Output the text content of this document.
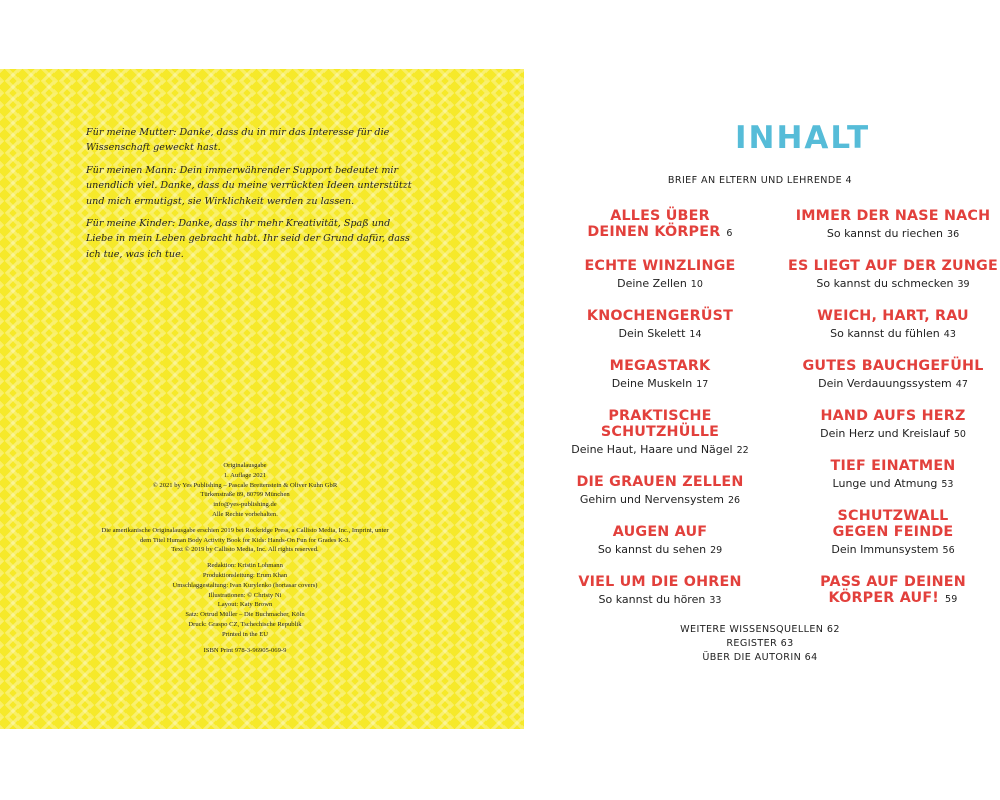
Für meine Mutter: Danke, dass du in mir das Interesse für die Wissenschaft geweckt hast.

Für meinen Mann: Dein immerwährender Support bedeutet mir unendlich viel. Danke, dass du meine verrückten Ideen unterstützt und mich ermutigst, sie Wirklichkeit werden zu lassen.

Für meine Kinder: Danke, dass ihr mehr Kreativität, Spaß und Liebe in mein Leben gebracht habt. Ihr seid der Grund dafür, dass ich tue, was ich tue.

Originalausgabe
1. Auflage 2021
© 2021 by Yes Publishing – Pascale Breitenstein & Oliver Kuhn GbR
Türkenstraße 89, 80799 München
info@yes-publishing.de
Alle Rechte vorbehalten.
Die amerikanische Originalausgabe erschien 2019 bei Rockridge Press, a Callisto Media, Inc., Imprint, unter
dem Titel Human Body Activity Book for Kids: Hands-On Fun for Grades K-3.
Text © 2019 by Callisto Media, Inc. All rights reserved.
Redaktion: Kristin Lohmann
Produktionsleitung: Erum Khan
Umschlaggestaltung: Ivan Kurylenko (hortasar covers)
Illustrationen: © Christy Ni
Layout: Katy Brown
Satz: Ortrud Müller – Die Buchmacher, Köln
Druck: Graspo CZ, Tschechische Republik
Printed in the EU
ISBN Print 978-3-96905-069-9
INHALT
BRIEF AN ELTERN UND LEHRENDE 4
ALLES ÜBER
DEINEN KÖRPER 6
ECHTE WINZLINGE
Deine Zellen 10
KNOCHENGERÜST
Dein Skelett 14
MEGASTARK
Deine Muskeln 17
PRAKTISCHE
SCHUTZHÜLLE
Deine Haut, Haare und Nägel 22
DIE GRAUEN ZELLEN
Gehirn und Nervensystem 26
AUGEN AUF
So kannst du sehen 29
VIEL UM DIE OHREN
So kannst du hören 33
IMMER DER NASE NACH
So kannst du riechen 36
ES LIEGT AUF DER ZUNGE
So kannst du schmecken 39
WEICH, HART, RAU
So kannst du fühlen 43
GUTES BAUCHGEFÜHL
Dein Verdauungssystem 47
HAND AUFS HERZ
Dein Herz und Kreislauf 50
TIEF EINATMEN
Lunge und Atmung 53
SCHUTZWALL
GEGEN FEINDE
Dein Immunsystem 56
PASS AUF DEINEN
KÖRPER AUF! 59
WEITERE WISSENSQUELLEN 62
REGISTER 63
ÜBER DIE AUTORIN 64
